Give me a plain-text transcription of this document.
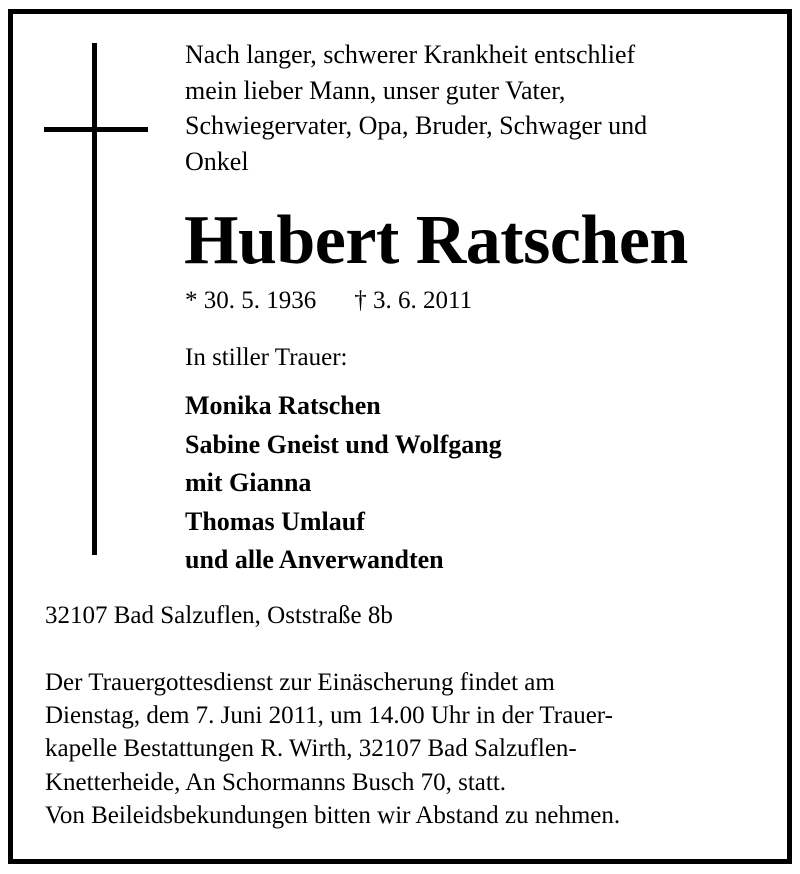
Nach langer, schwerer Krankheit entschlief
mein lieber Mann, unser guter Vater,
Schwiegervater, Opa, Bruder, Schwager und
Onkel
Hubert Ratschen
* 30. 5. 1936 † 3. 6. 2011
In stiller Trauer:
Monika Ratschen
Sabine Gneist und Wolfgang
mit Gianna
Thomas Umlauf
und alle Anverwandten
32107 Bad Salzuflen, Oststraße 8b
Der Trauergottesdienst zur Einäscherung findet am
Dienstag, dem 7. Juni 2011, um 14.00 Uhr in der Trauer-
kapelle Bestattungen R. Wirth, 32107 Bad Salzuflen-
Knetterheide, An Schormanns Busch 70, statt.
Von Beileidsbekundungen bitten wir Abstand zu nehmen.
